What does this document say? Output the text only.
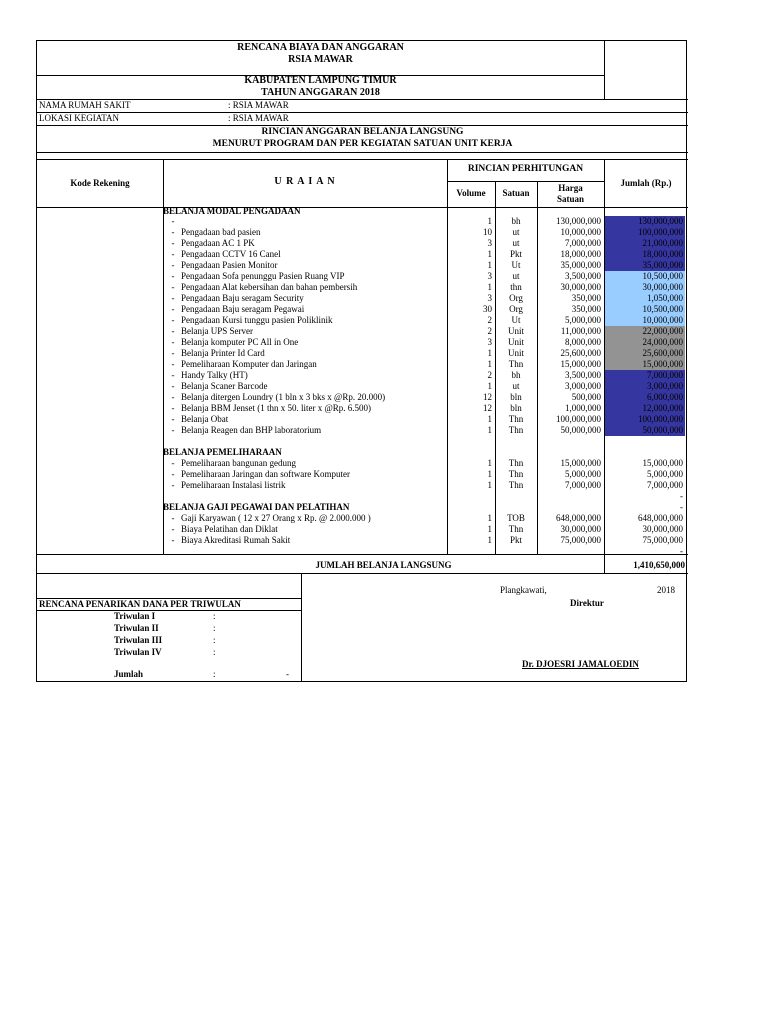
RENCANA BIAYA DAN ANGGARAN
RSIA MAWAR
KABUPATEN LAMPUNG TIMUR
TAHUN ANGGARAN 2018
NAMA RUMAH SAKIT	: RSIA MAWAR
LOKASI KEGIATAN	: RSIA MAWAR
RINCIAN ANGGARAN BELANJA LANGSUNG
MENURUT PROGRAM DAN PER KEGIATAN SATUAN UNIT KERJA
Kode Rekening	U R A I A N
RINCIAN PERHITUNGAN
Volume	Satuan	Harga
Satuan
Jumlah (Rp.)
BELANJA MODAL PENGADAAN
-	1	bh	130,000,000	130,000,000
- Pengadaan bad pasien	10	ut	10,000,000	100,000,000
- Pengadaan AC 1 PK	3	ut	7,000,000	21,000,000
- Pengadaan CCTV 16 Canel	1	Pkt	18,000,000	18,000,000
- Pengadaan Pasien Monitor	1	Ut	35,000,000	35,000,000
- Pengadaan Sofa penunggu Pasien Ruang VIP	3	ut	3,500,000	10,500,000
- Pengadaan Alat kebersihan dan bahan pembersih	1	thn	30,000,000	30,000,000
- Pengadaan Baju seragam Security	3	Org	350,000	1,050,000
- Pengadaan Baju seragam Pegawai	30	Org	350,000	10,500,000
- Pengadaan Kursi tunggu pasien Poliklinik	2	Ut	5,000,000	10,000,000
- Belanja UPS Server	2	Unit	11,000,000	22,000,000
- Belanja komputer PC All in One	3	Unit	8,000,000	24,000,000
- Belanja Printer Id Card	1	Unit	25,600,000	25,600,000
- Pemeliharaan Komputer dan Jaringan	1	Thn	15,000,000	15,000,000
- Handy Talky (HT)	2	bh	3,500,000	7,000,000
- Belanja Scaner Barcode	1	ut	3,000,000	3,000,000
- Belanja ditergen Loundry (1 bln x 3 bks x @Rp. 20.000)	12	bln	500,000	6,000,000
- Belanja BBM Jenset (1 thn x 50. liter x @Rp. 6.500)	12	bln	1,000,000	12,000,000
- Belanja Obat	1	Thn	100,000,000	100,000,000
- Belanja Reagen dan BHP laboratorium	1	Thn	50,000,000	50,000,000
BELANJA PEMELIHARAAN
- Pemeliharaan bangunan gedung	1	Thn	15,000,000	15,000,000
- Pemeliharaan Jaringan dan software Komputer	1	Thn	5,000,000	5,000,000
- Pemeliharaan Instalasi listrik	1	Thn	7,000,000	7,000,000
-
-
BELANJA GAJI PEGAWAI DAN PELATIHAN
- Gaji Karyawan ( 12 x 27 Orang x Rp. @ 2.000.000 )	1	TOB	648,000,000	648,000,000
- Biaya Pelatihan dan Diklat	1	Thn	30,000,000	30,000,000
- Biaya Akreditasi Rumah Sakit	1	Pkt	75,000,000	75,000,000
-
JUMLAH BELANJA LANGSUNG	1,410,650,000
RENCANA PENARIKAN DANA PER TRIWULAN
Triwulan I	:
Triwulan II	:
Triwulan III	:
Triwulan IV	:
Jumlah	:	-
Plangkawati,	2018
Direktur
Dr. DJOESRI JAMALOEDIN
